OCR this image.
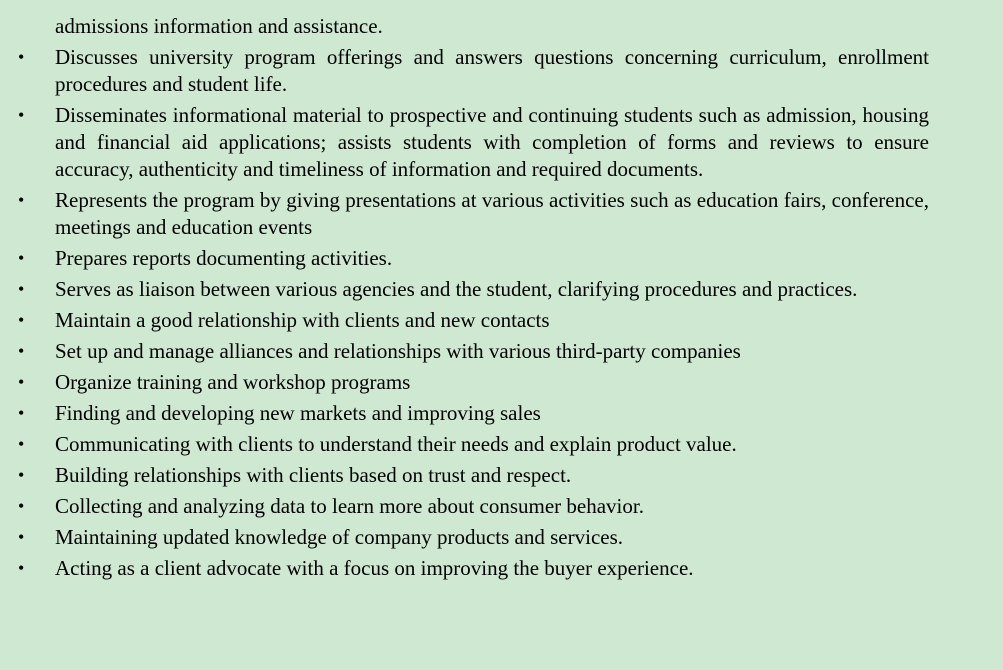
admissions information and assistance.
• Discusses university program offerings and answers questions concerning curriculum, enrollment procedures and student life.
• Disseminates informational material to prospective and continuing students such as admission, housing and financial aid applications; assists students with completion of forms and reviews to ensure accuracy, authenticity and timeliness of information and required documents.
• Represents the program by giving presentations at various activities such as education fairs, conference, meetings and education events
• Prepares reports documenting activities.
• Serves as liaison between various agencies and the student, clarifying procedures and practices.
• Maintain a good relationship with clients and new contacts
• Set up and manage alliances and relationships with various third-party companies
• Organize training and workshop programs
• Finding and developing new markets and improving sales
• Communicating with clients to understand their needs and explain product value.
• Building relationships with clients based on trust and respect.
• Collecting and analyzing data to learn more about consumer behavior.
• Maintaining updated knowledge of company products and services.
• Acting as a client advocate with a focus on improving the buyer experience.
